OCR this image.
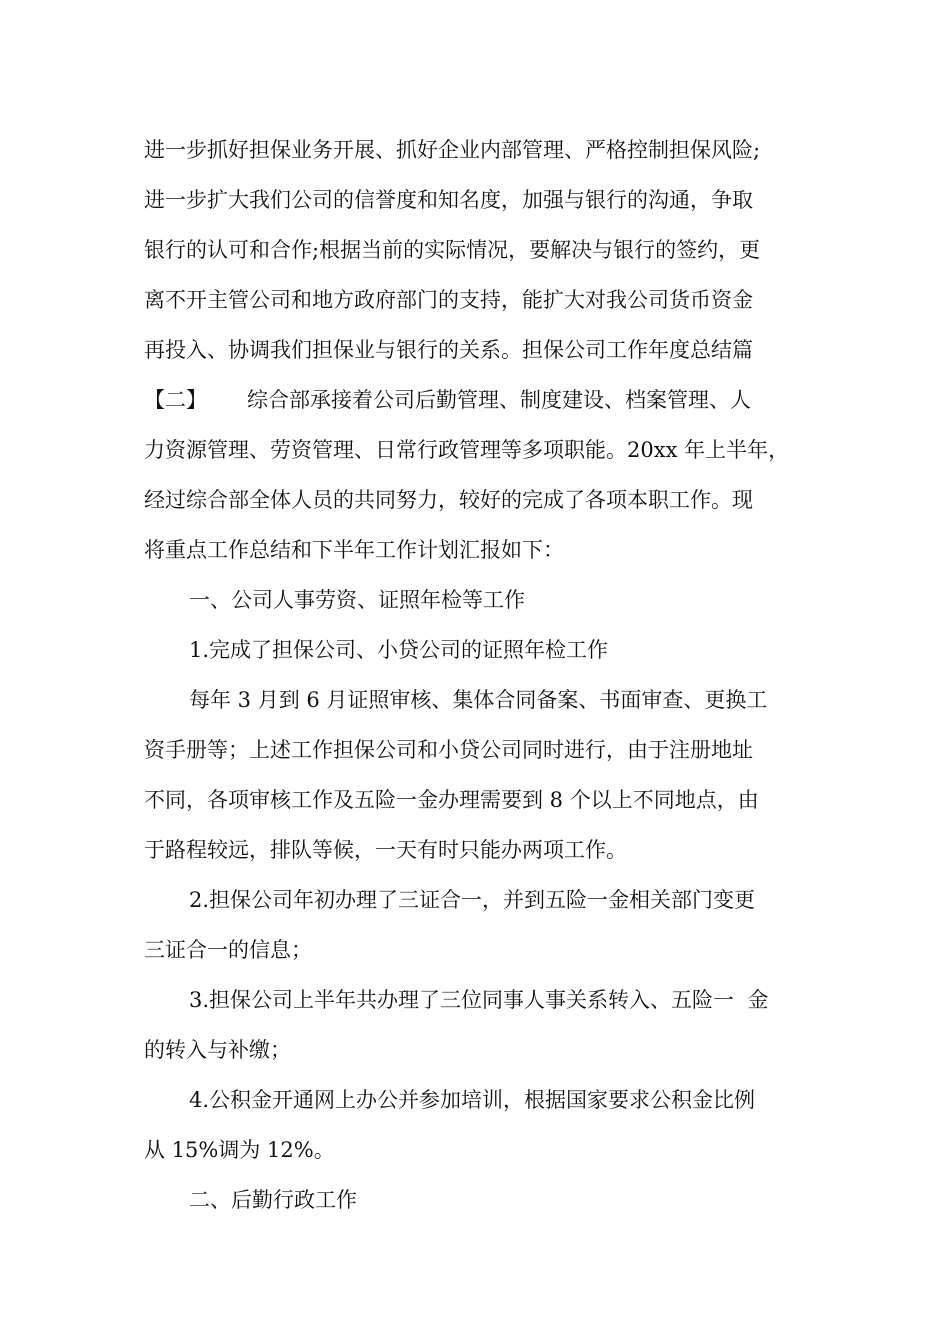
进一步抓好担保业务开展、抓好企业内部管理、严格控制担保风险;
进一步扩大我们公司的信誉度和知名度，加强与银行的沟通，争取
银行的认可和合作;根据当前的实际情况，要解决与银行的签约，更
离不开主管公司和地方政府部门的支持，能扩大对我公司货币资金
再投入、协调我们担保业与银行的关系。担保公司工作年度总结篇
【二】      综合部承接着公司后勤管理、制度建设、档案管理、人
力资源管理、劳资管理、日常行政管理等多项职能。20xx 年上半年，
经过综合部全体人员的共同努力，较好的完成了各项本职工作。现
将重点工作总结和下半年工作计划汇报如下：
一、公司人事劳资、证照年检等工作
1.完成了担保公司、小贷公司的证照年检工作
每年 3 月到 6 月证照审核、集体合同备案、书面审查、更换工
资手册等；上述工作担保公司和小贷公司同时进行，由于注册地址
不同，各项审核工作及五险一金办理需要到 8 个以上不同地点，由
于路程较远，排队等候，一天有时只能办两项工作。
2.担保公司年初办理了三证合一，并到五险一金相关部门变更
三证合一的信息；
3.担保公司上半年共办理了三位同事人事关系转入、五险一  金
的转入与补缴；
4.公积金开通网上办公并参加培训，根据国家要求公积金比例
从 15%调为 12%。
二、后勤行政工作
